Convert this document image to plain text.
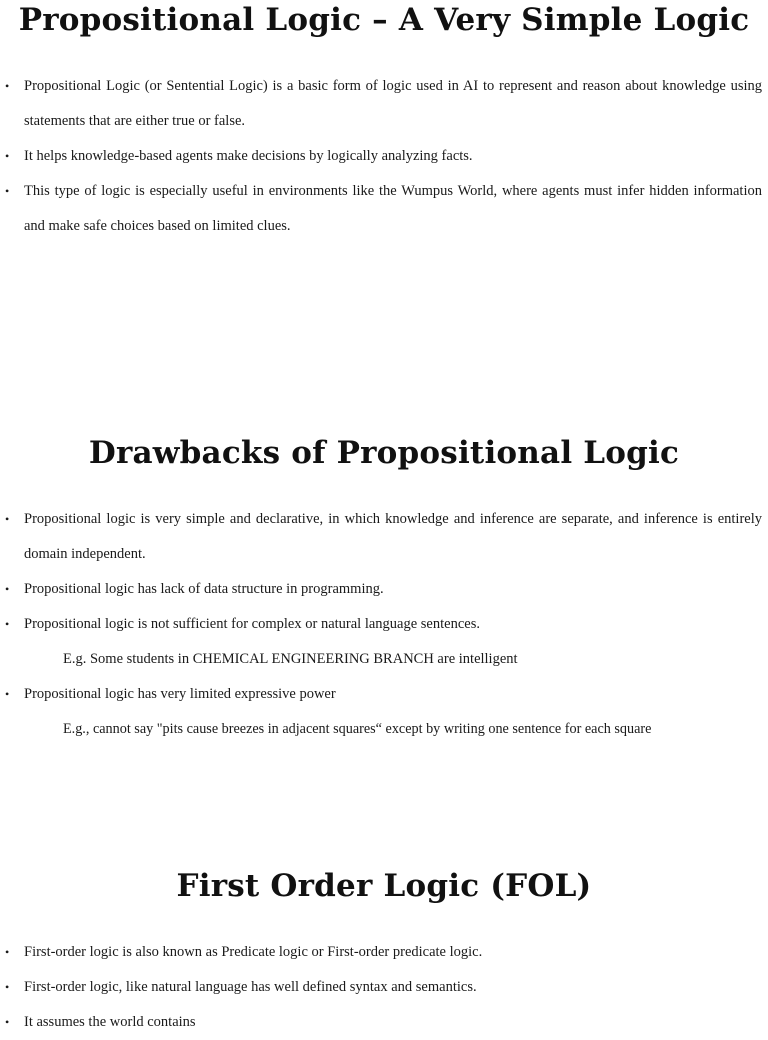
Propositional Logic – A Very Simple Logic
• Propositional Logic (or Sentential Logic) is a basic form of logic used in AI to represent and reason about knowledge using statements that are either true or false.
• It helps knowledge-based agents make decisions by logically analyzing facts.
• This type of logic is especially useful in environments like the Wumpus World, where agents must infer hidden information and make safe choices based on limited clues.
Drawbacks of Propositional Logic
• Propositional logic is very simple and declarative, in which knowledge and inference are separate, and inference is entirely domain independent.
• Propositional logic has lack of data structure in programming.
• Propositional logic is not sufficient for complex or natural language sentences.
E.g. Some students in CHEMICAL ENGINEERING BRANCH are intelligent
• Propositional logic has very limited expressive power
E.g., cannot say "pits cause breezes in adjacent squares“ except by writing one sentence for each square
First Order Logic (FOL)
• First-order logic is also known as Predicate logic or First-order predicate logic.
• First-order logic, like natural language has well defined syntax and semantics.
• It assumes the world contains
